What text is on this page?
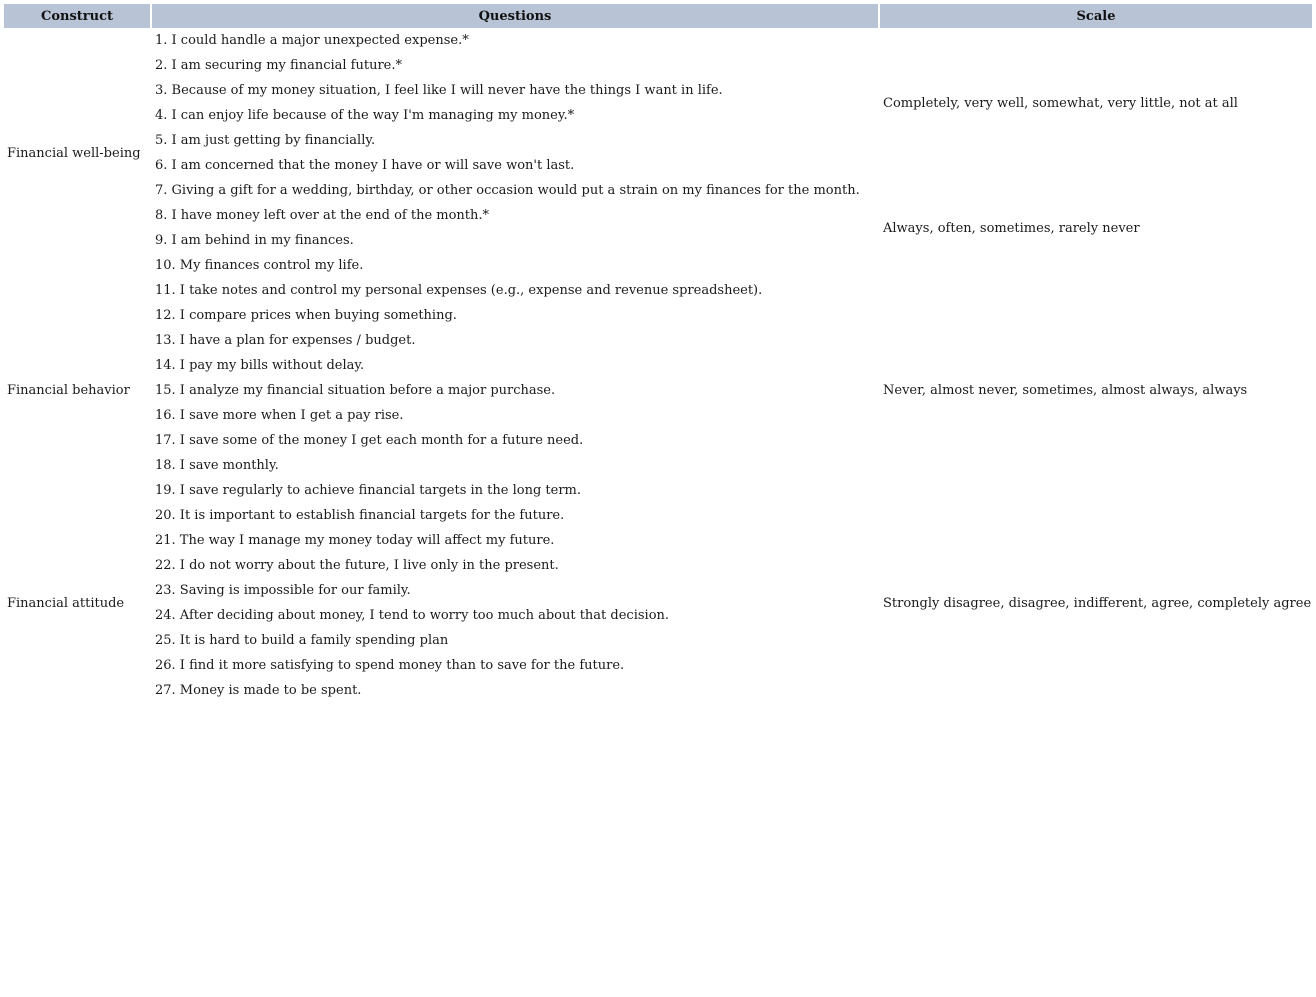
Construct	Questions	Scale
Financial well-being	1. I could handle a major unexpected expense.*	Completely, very well, somewhat, very little, not at all
	2. I am securing my financial future.*	
	3. Because of my money situation, I feel like I will never have the things I want in life.	
	4. I can enjoy life because of the way I'm managing my money.*	
	5. I am just getting by financially.	
	6. I am concerned that the money I have or will save won't last.	
	7. Giving a gift for a wedding, birthday, or other occasion would put a strain on my finances for the month.	Always, often, sometimes, rarely never
	8. I have money left over at the end of the month.*	
	9. I am behind in my finances.	
	10. My finances control my life.	
Financial behavior	11. I take notes and control my personal expenses (e.g., expense and revenue spreadsheet).	Never, almost never, sometimes, almost always, always
	12. I compare prices when buying something.	
	13. I have a plan for expenses / budget.	
	14. I pay my bills without delay.	
	15. I analyze my financial situation before a major purchase.	
	16. I save more when I get a pay rise.	
	17. I save some of the money I get each month for a future need.	
	18. I save monthly.	
	19. I save regularly to achieve financial targets in the long term.	
Financial attitude	20. It is important to establish financial targets for the future.	Strongly disagree, disagree, indifferent, agree, completely agree
	21. The way I manage my money today will affect my future.	
	22. I do not worry about the future, I live only in the present.	
	23. Saving is impossible for our family.	
	24. After deciding about money, I tend to worry too much about that decision.	
	25. It is hard to build a family spending plan	
	26. I find it more satisfying to spend money than to save for the future.	
	27. Money is made to be spent.	
